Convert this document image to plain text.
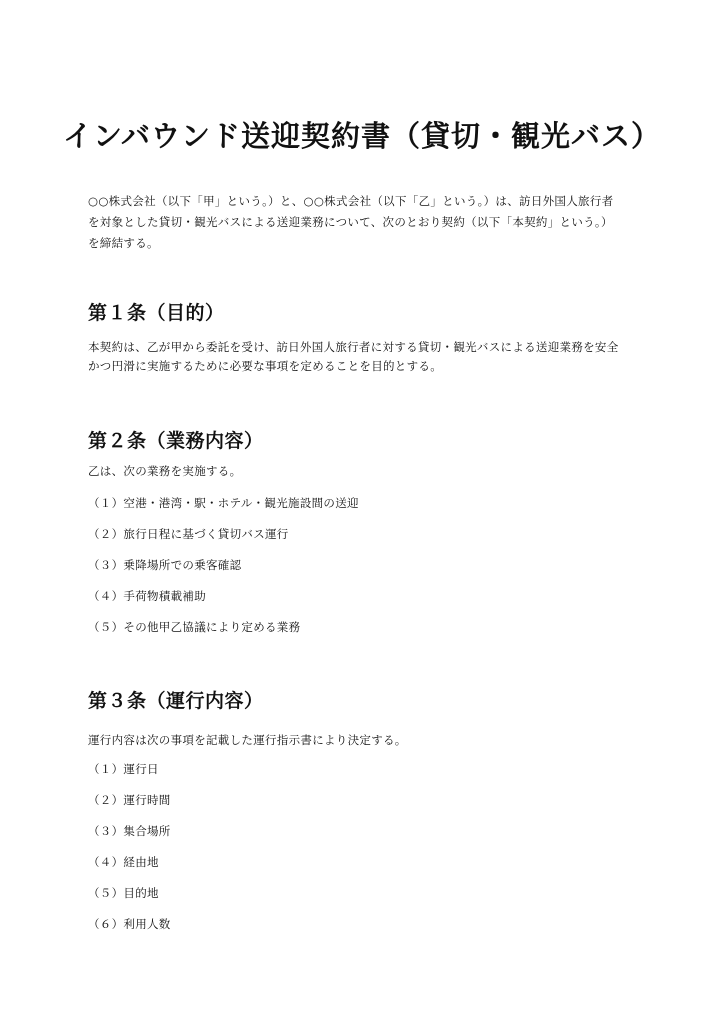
インバウンド送迎契約書（貸切・観光バス）

○○株式会社（以下「甲」という。）と、○○株式会社（以下「乙」という。）は、訪日外国人旅行者
を対象とした貸切・観光バスによる送迎業務について、次のとおり契約（以下「本契約」という。）
を締結する。

第１条（目的）

本契約は、乙が甲から委託を受け、訪日外国人旅行者に対する貸切・観光バスによる送迎業務を安全
かつ円滑に実施するために必要な事項を定めることを目的とする。

第２条（業務内容）

乙は、次の業務を実施する。

（１）空港・港湾・駅・ホテル・観光施設間の送迎
（２）旅行日程に基づく貸切バス運行
（３）乗降場所での乗客確認
（４）手荷物積載補助
（５）その他甲乙協議により定める業務
第３条（運行内容）

運行内容は次の事項を記載した運行指示書により決定する。

（１）運行日
（２）運行時間
（３）集合場所
（４）経由地
（５）目的地
（６）利用人数
